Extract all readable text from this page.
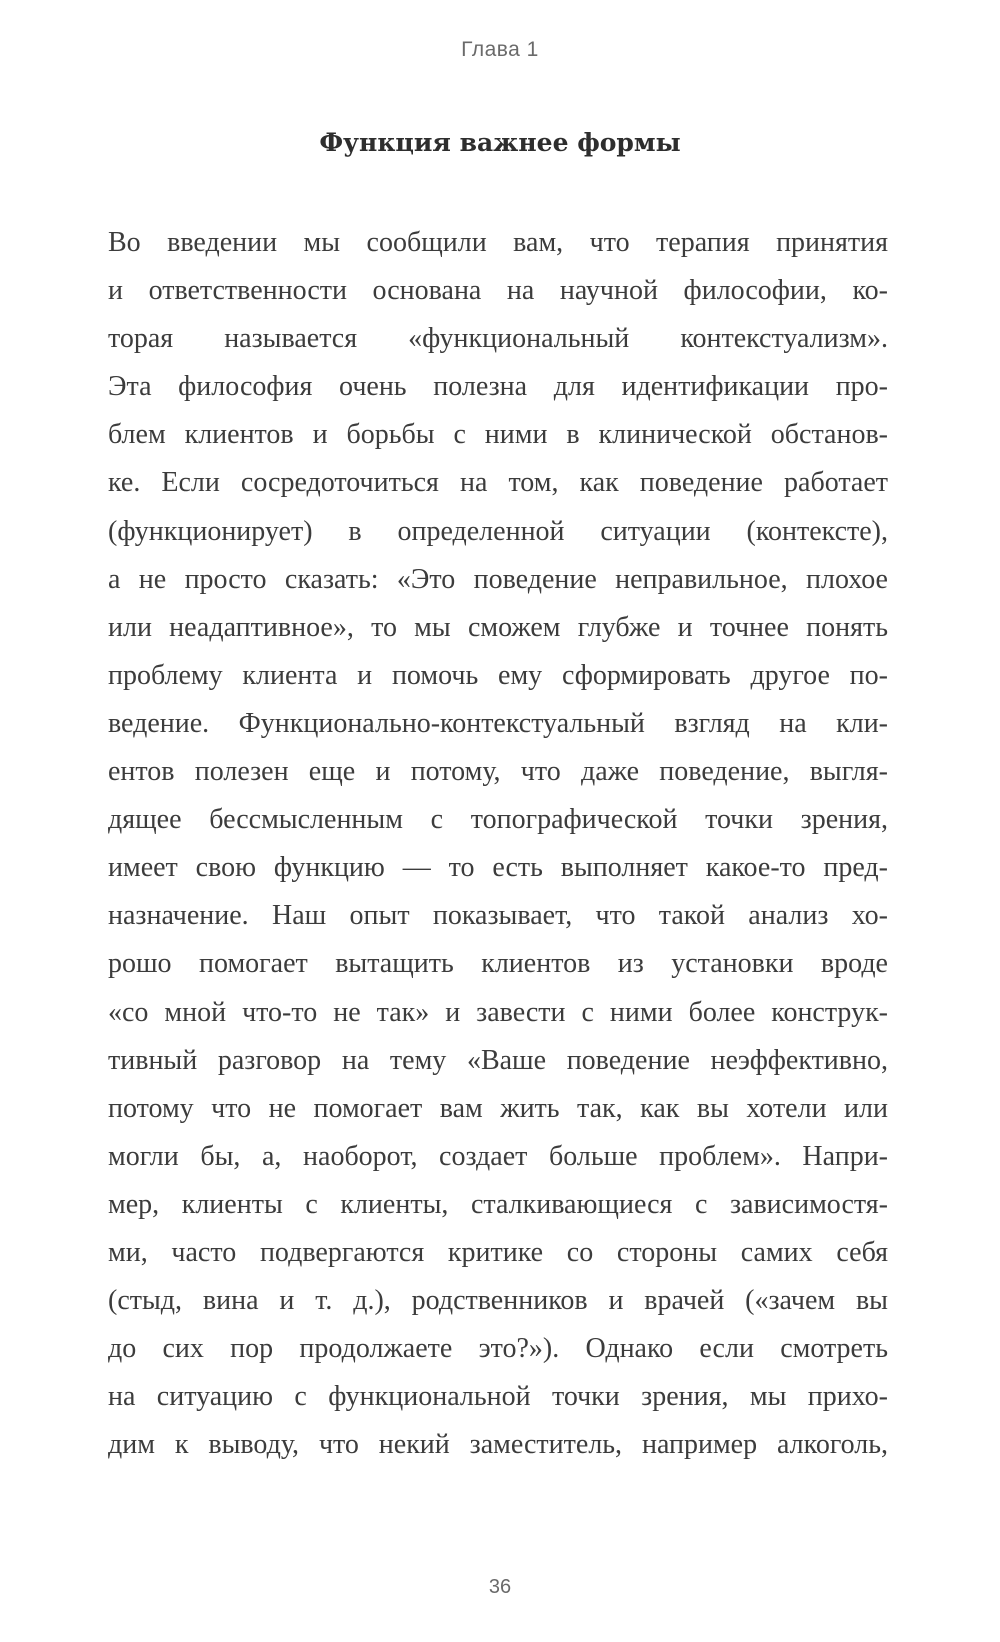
Глава 1
Функция важнее формы
Во введении мы сообщили вам, что терапия принятия
и ответственности основана на научной философии, ко-
торая называется «функциональный контекстуализм».
Эта философия очень полезна для идентификации про-
блем клиентов и борьбы с ними в клинической обстанов-
ке. Если сосредоточиться на том, как поведение работает
(функционирует) в определенной ситуации (контексте),
а не просто сказать: «Это поведение неправильное, плохое
или неадаптивное», то мы сможем глубже и точнее понять
проблему клиента и помочь ему сформировать другое по-
ведение. Функционально-контекстуальный взгляд на кли-
ентов полезен еще и потому, что даже поведение, выгля-
дящее бессмысленным с топографической точки зрения,
имеет свою функцию — то есть выполняет какое-то пред-
назначение. Наш опыт показывает, что такой анализ хо-
рошо помогает вытащить клиентов из установки вроде
«со мной что-то не так» и завести с ними более конструк-
тивный разговор на тему «Ваше поведение неэффективно,
потому что не помогает вам жить так, как вы хотели или
могли бы, а, наоборот, создает больше проблем». Напри-
мер, клиенты с клиенты, сталкивающиеся с зависимостя-
ми, часто подвергаются критике со стороны самих себя
(стыд, вина и т. д.), родственников и врачей («зачем вы
до сих пор продолжаете это?»). Однако если смотреть
на ситуацию с функциональной точки зрения, мы прихо-
дим к выводу, что некий заместитель, например алкоголь,
36
